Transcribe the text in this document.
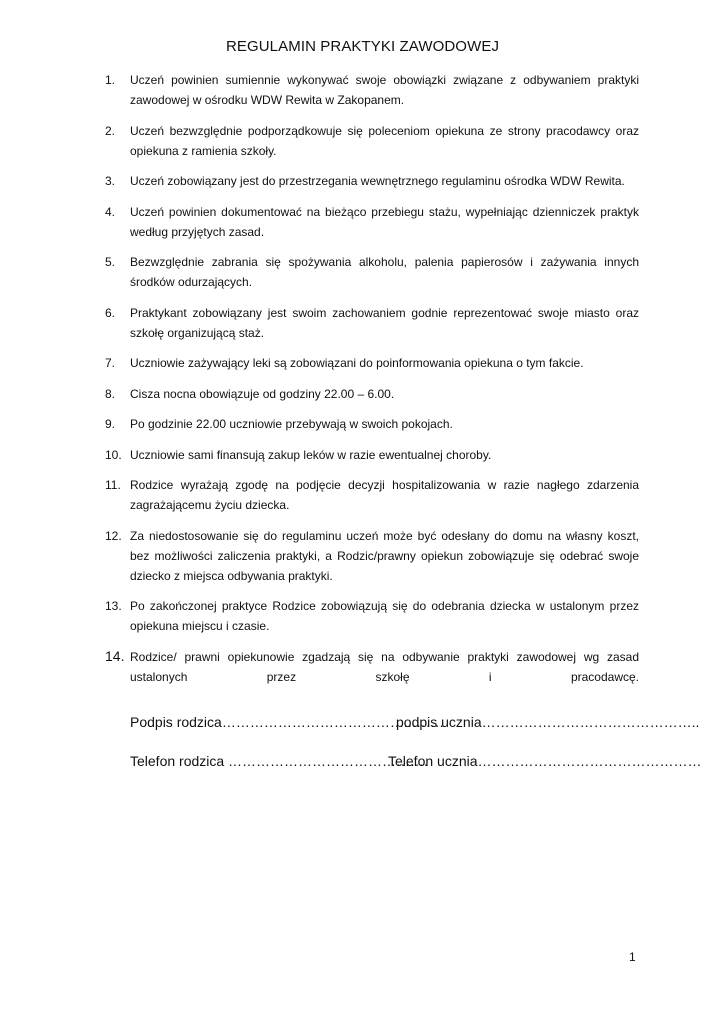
REGULAMIN PRAKTYKI ZAWODOWEJ
1. Uczeń powinien sumiennie wykonywać swoje obowiązki związane z odbywaniem praktyki zawodowej w ośrodku WDW Rewita w Zakopanem.
2. Uczeń bezwzględnie podporządkowuje się poleceniom opiekuna ze strony pracodawcy oraz opiekuna z ramienia szkoły.
3. Uczeń zobowiązany jest do przestrzegania wewnętrznego regulaminu ośrodka WDW Rewita.
4. Uczeń powinien dokumentować na bieżąco przebiegu stażu, wypełniając dzienniczek praktyk według przyjętych zasad.
5. Bezwzględnie zabrania się spożywania alkoholu, palenia papierosów i zażywania innych środków odurzających.
6. Praktykant zobowiązany jest swoim zachowaniem godnie reprezentować swoje miasto oraz szkołę organizującą staż.
7. Uczniowie zażywający leki są zobowiązani do poinformowania opiekuna o tym fakcie.
8. Cisza nocna obowiązuje od godziny 22.00 – 6.00.
9. Po godzinie 22.00 uczniowie przebywają w swoich pokojach.
10. Uczniowie sami finansują zakup leków w razie ewentualnej choroby.
11. Rodzice wyrażają zgodę na podjęcie decyzji hospitalizowania w razie nagłego zdarzenia zagrażającemu życiu dziecka.
12. Za niedostosowanie się do regulaminu uczeń może być odesłany do domu na własny koszt, bez możliwości zaliczenia praktyki, a Rodzic/prawny opiekun zobowiązuje się odebrać swoje dziecko z miejsca odbywania praktyki.
13. Po zakończonej praktyce Rodzice zobowiązują się do odebrania dziecka w ustalonym przez opiekuna miejscu i czasie.
14. Rodzice/ prawni opiekunowie zgadzają się na odbywanie praktyki zawodowej wg zasad ustalonych przez szkołę i pracodawcę.
Podpis rodzica…………………………………..…….
podpis ucznia………………………………………..
Telefon rodzica …………………………………….
Telefon ucznia…………………………………………
1
